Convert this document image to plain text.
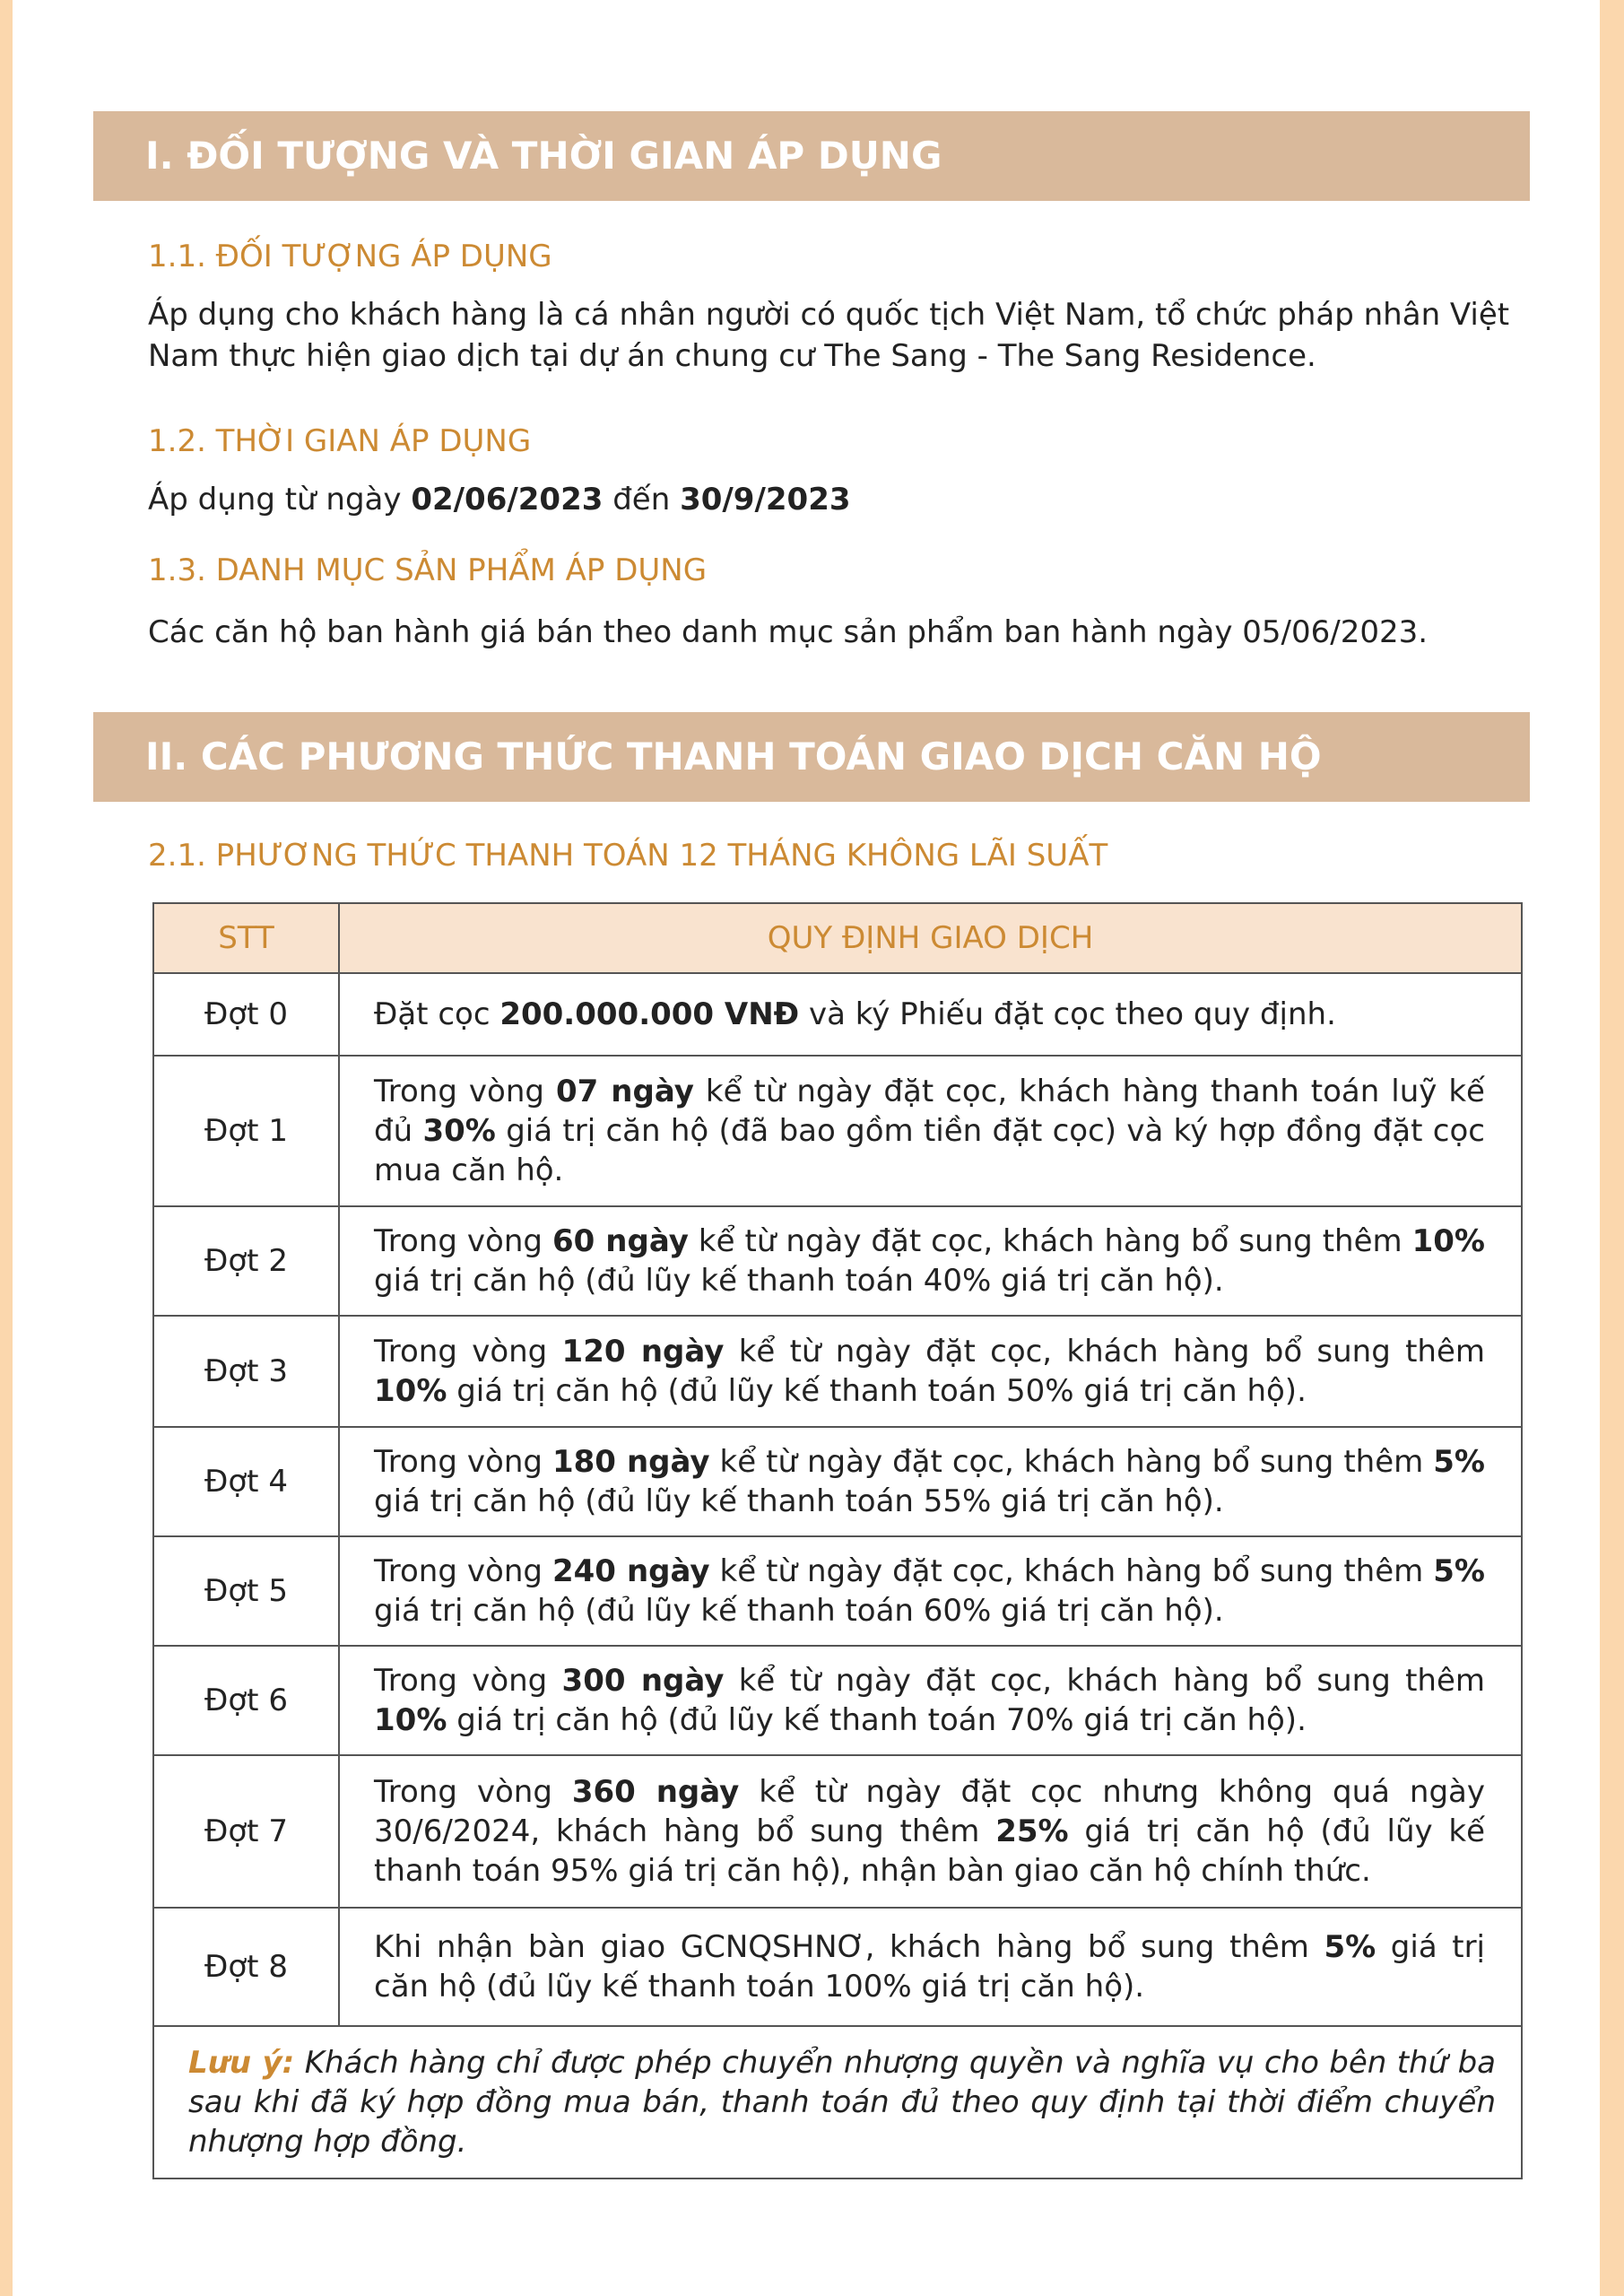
I. ĐỐI TƯỢNG VÀ THỜI GIAN ÁP DỤNG
1.1. ĐỐI TƯỢNG ÁP DỤNG
Áp dụng cho khách hàng là cá nhân người có quốc tịch Việt Nam, tổ chức pháp nhân Việt Nam thực hiện giao dịch tại dự án chung cư The Sang - The Sang Residence.
1.2. THỜI GIAN ÁP DỤNG
Áp dụng từ ngày 02/06/2023 đến 30/9/2023
1.3. DANH MỤC SẢN PHẨM ÁP DỤNG
Các căn hộ ban hành giá bán theo danh mục sản phẩm ban hành ngày 05/06/2023.
II. CÁC PHƯƠNG THỨC THANH TOÁN GIAO DỊCH CĂN HỘ
2.1. PHƯƠNG THỨC THANH TOÁN 12 THÁNG KHÔNG LÃI SUẤT
STT	QUY ĐỊNH GIAO DỊCH
Đợt 0	Đặt cọc 200.000.000 VNĐ và ký Phiếu đặt cọc theo quy định.
Đợt 1	Trong vòng 07 ngày kể từ ngày đặt cọc, khách hàng thanh toán luỹ kế đủ 30% giá trị căn hộ (đã bao gồm tiền đặt cọc) và ký hợp đồng đặt cọc mua căn hộ.
Đợt 2	Trong vòng 60 ngày kể từ ngày đặt cọc, khách hàng bổ sung thêm 10% giá trị căn hộ (đủ lũy kế thanh toán 40% giá trị căn hộ).
Đợt 3	Trong vòng 120 ngày kể từ ngày đặt cọc, khách hàng bổ sung thêm 10% giá trị căn hộ (đủ lũy kế thanh toán 50% giá trị căn hộ).
Đợt 4	Trong vòng 180 ngày kể từ ngày đặt cọc, khách hàng bổ sung thêm 5% giá trị căn hộ (đủ lũy kế thanh toán 55% giá trị căn hộ).
Đợt 5	Trong vòng 240 ngày kể từ ngày đặt cọc, khách hàng bổ sung thêm 5% giá trị căn hộ (đủ lũy kế thanh toán 60% giá trị căn hộ).
Đợt 6	Trong vòng 300 ngày kể từ ngày đặt cọc, khách hàng bổ sung thêm 10% giá trị căn hộ (đủ lũy kế thanh toán 70% giá trị căn hộ).
Đợt 7	Trong vòng 360 ngày kể từ ngày đặt cọc nhưng không quá ngày 30/6/2024, khách hàng bổ sung thêm 25% giá trị căn hộ (đủ lũy kế thanh toán 95% giá trị căn hộ), nhận bàn giao căn hộ chính thức.
Đợt 8	Khi nhận bàn giao GCNQSHNƠ, khách hàng bổ sung thêm 5% giá trị căn hộ (đủ lũy kế thanh toán 100% giá trị căn hộ).
Lưu ý: Khách hàng chỉ được phép chuyển nhượng quyền và nghĩa vụ cho bên thứ ba sau khi đã ký hợp đồng mua bán, thanh toán đủ theo quy định tại thời điểm chuyển nhượng hợp đồng.	
